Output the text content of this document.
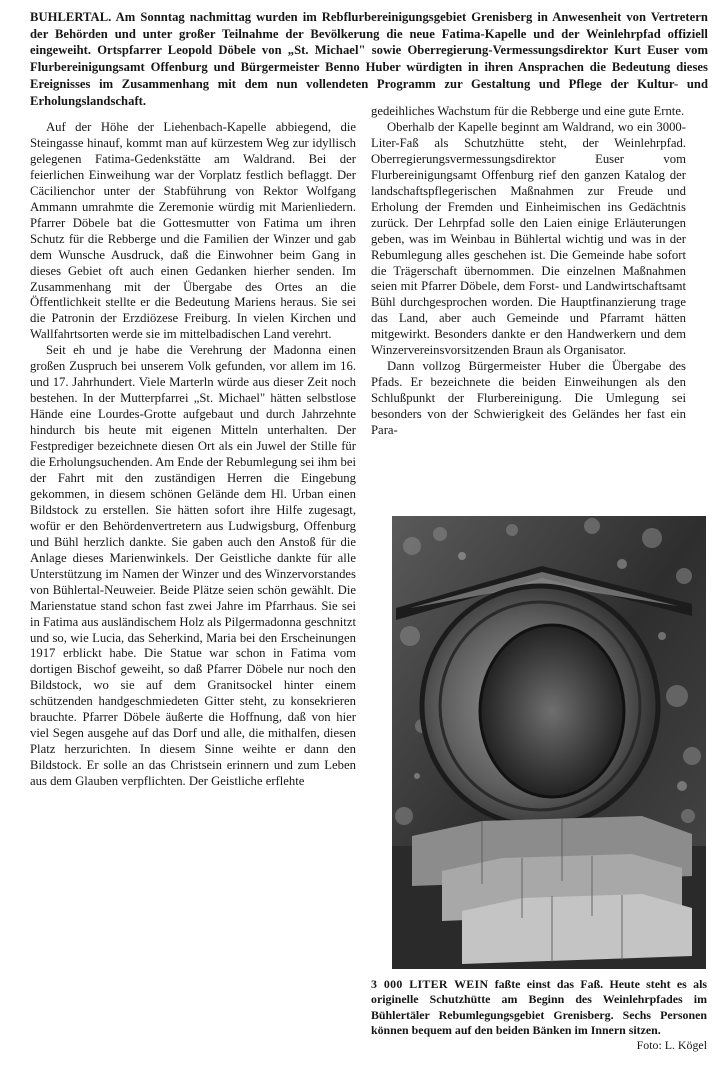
BUHLERTAL. Am Sonntag nachmittag wurden im Rebflurbereinigungsgebiet Grenisberg in Anwesenheit von Vertretern der Behörden und unter großer Teilnahme der Bevölkerung die neue Fatima-Kapelle und der Weinlehrpfad offiziell eingeweiht. Ortspfarrer Leopold Döbele von „St. Michael" sowie Oberregierung-Vermessungsdirektor Kurt Euser vom Flurbereinigungsamt Offenburg und Bürgermeister Benno Huber würdigten in ihren Ansprachen die Bedeutung dieses Ereignisses im Zusammenhang mit dem nun vollendeten Programm zur Gestaltung und Pflege der Kultur- und Erholungslandschaft.

Auf der Höhe der Liehenbach-Kapelle abbiegend, die Steingasse hinauf, kommt man auf kürzestem Weg zur idyllisch gelegenen Fatima-Gedenkstätte am Waldrand. Bei der feierlichen Einweihung war der Vorplatz festlich beflaggt. Der Cäcilienchor unter der Stabführung von Rektor Wolfgang Ammann umrahmte die Zeremonie würdig mit Marienliedern. Pfarrer Döbele bat die Gottesmutter von Fatima um ihren Schutz für die Rebberge und die Familien der Winzer und gab dem Wunsche Ausdruck, daß die Einwohner beim Gang in dieses Gebiet oft auch einen Gedanken hierher senden. Im Zusammenhang mit der Übergabe des Ortes an die Öffentlichkeit stellte er die Bedeutung Mariens heraus. Sie sei die Patronin der Erzdiözese Freiburg. In vielen Kirchen und Wallfahrtsorten werde sie im mittelbadischen Land verehrt.

Seit eh und je habe die Verehrung der Madonna einen großen Zuspruch bei unserem Volk gefunden, vor allem im 16. und 17. Jahrhundert. Viele Marterln würde aus dieser Zeit noch bestehen. In der Mutterpfarrei „St. Michael" hätten selbstlose Hände eine Lourdes-Grotte aufgebaut und durch Jahrzehnte hindurch bis heute mit eigenen Mitteln unterhalten. Der Festprediger bezeichnete diesen Ort als ein Juwel der Stille für die Erholungsuchenden. Am Ende der Rebumlegung sei ihm bei der Fahrt mit den zuständigen Herren die Eingebung gekommen, in diesem schönen Gelände dem Hl. Urban einen Bildstock zu erstellen. Sie hätten sofort ihre Hilfe zugesagt, wofür er den Behördenvertretern aus Ludwigsburg, Offenburg und Bühl herzlich dankte. Sie gaben auch den Anstoß für die Anlage dieses Marienwinkels. Der Geistliche dankte für alle Unterstützung im Namen der Winzer und des Winzervorstandes von Bühlertal-Neuweier. Beide Plätze seien schön gewählt. Die Marienstatue stand schon fast zwei Jahre im Pfarrhaus. Sie sei in Fatima aus ausländischem Holz als Pilgermadonna geschnitzt und so, wie Lucia, das Seherkind, Maria bei den Erscheinungen 1917 erblickt habe. Die Statue war schon in Fatima vom dortigen Bischof geweiht, so daß Pfarrer Döbele nur noch den Bildstock, wo sie auf dem Granitsockel hinter einem schützenden handgeschmiedeten Gitter steht, zu konsekrieren brauchte. Pfarrer Döbele äußerte die Hoffnung, daß von hier viel Segen ausgehe auf das Dorf und alle, die mithalfen, diesen Platz herzurichten. In diesem Sinne weihte er dann den Bildstock. Er solle an das Christsein erinnern und zum Leben aus dem Glauben verpflichten. Der Geistliche erflehte

gedeihliches Wachstum für die Rebberge und eine gute Ernte.

Oberhalb der Kapelle beginnt am Waldrand, wo ein 3000-Liter-Faß als Schutzhütte steht, der Weinlehrpfad. Oberregierungsvermessungsdirektor Euser vom Flurbereinigungsamt Offenburg rief den ganzen Katalog der landschaftspflegerischen Maßnahmen zur Freude und Erholung der Fremden und Einheimischen ins Gedächtnis zurück. Der Lehrpfad solle den Laien einige Erläuterungen geben, was im Weinbau in Bühlertal wichtig und was in der Rebumlegung alles geschehen ist. Die Gemeinde habe sofort die Trägerschaft übernommen. Die einzelnen Maßnahmen seien mit Pfarrer Döbele, dem Forst- und Landwirtschaftsamt Bühl durchgesprochen worden. Die Hauptfinanzierung trage das Land, aber auch Gemeinde und Pfarramt hätten mitgewirkt. Besonders dankte er den Handwerkern und dem Winzervereinsvorsitzenden Braun als Organisator.

Dann vollzog Bürgermeister Huber die Übergabe des Pfads. Er bezeichnete die beiden Einweihungen als den Schlußpunkt der Flurbereinigung. Die Umlegung sei besonders von der Schwierigkeit des Geländes her fast ein Para-

3 000 LITER WEIN faßte einst das Faß. Heute steht es als originelle Schutzhütte am Beginn des Weinlehrpfades im Bühlertäler Rebumlegungsgebiet Grenisberg. Sechs Personen können bequem auf den beiden Bänken im Innern sitzen.
Foto: L. Kögel
